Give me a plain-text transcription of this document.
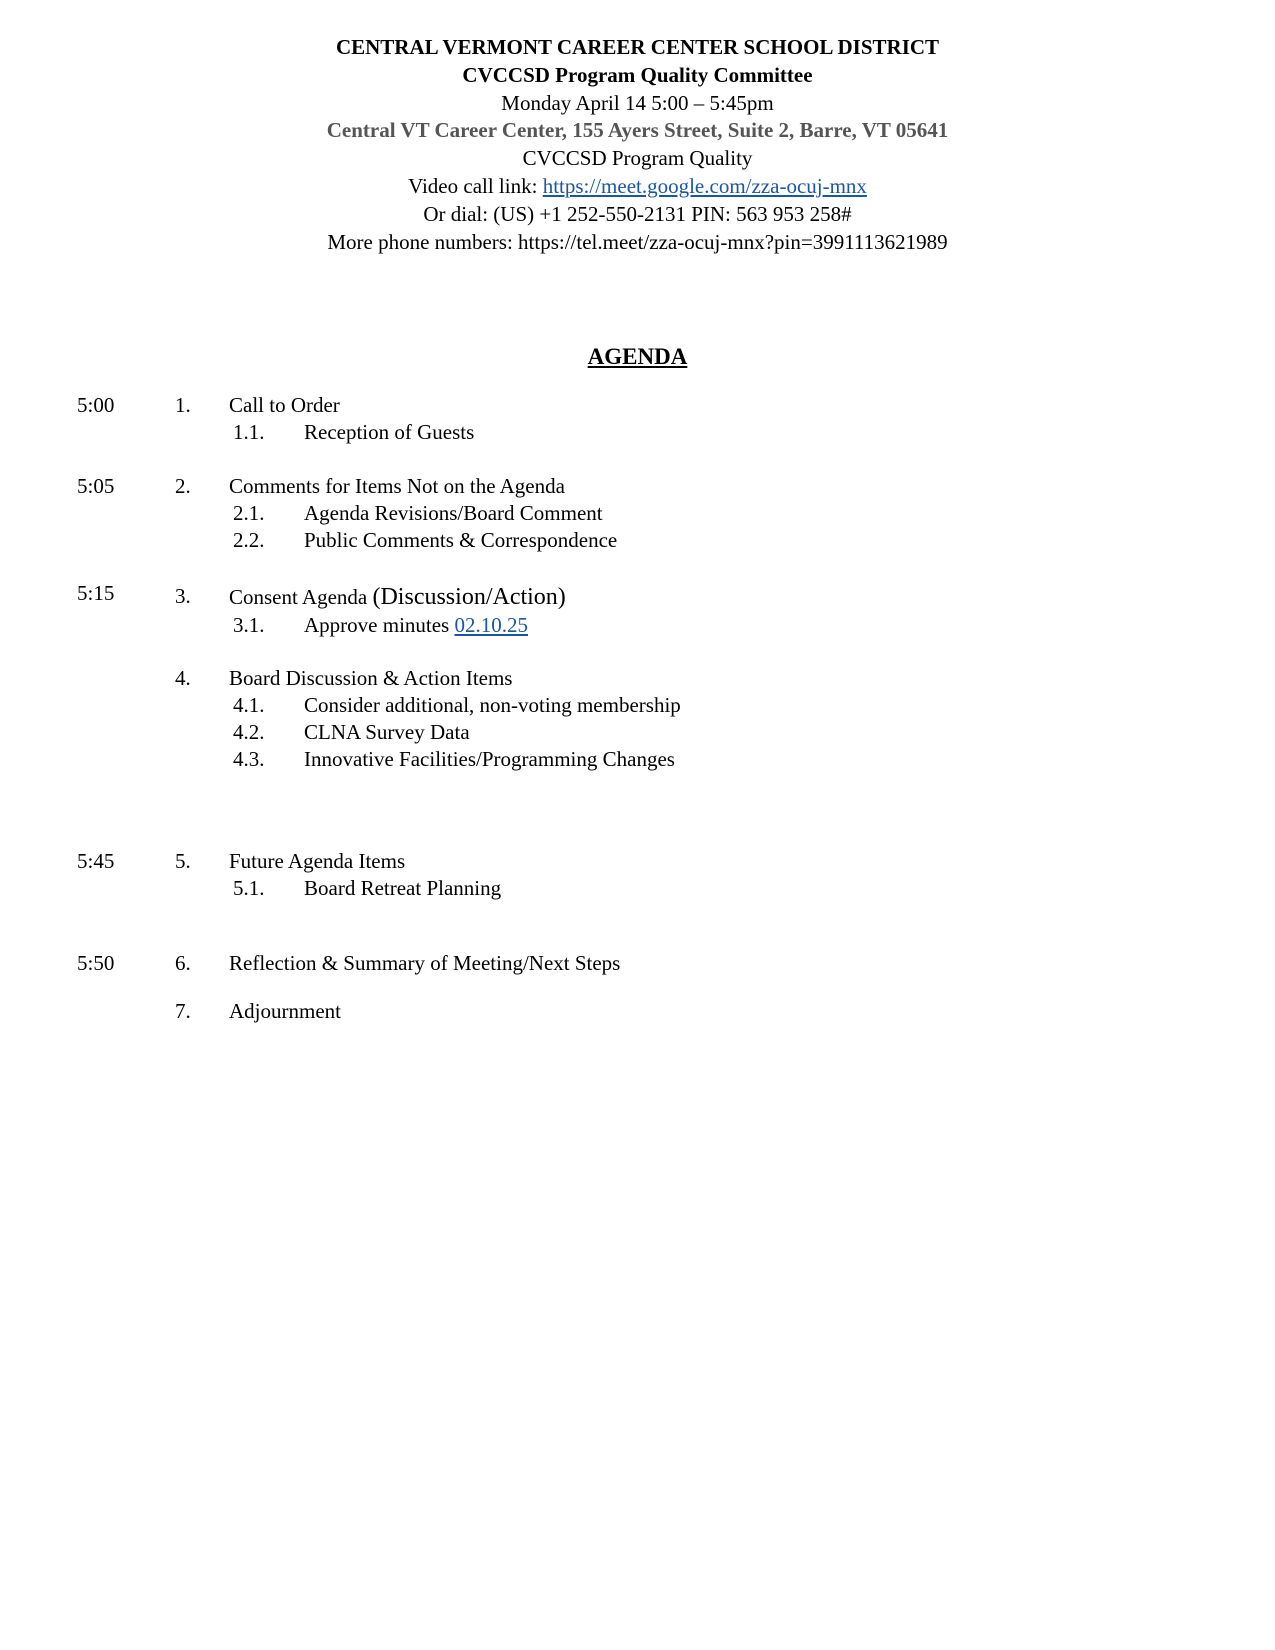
CENTRAL VERMONT CAREER CENTER SCHOOL DISTRICT
CVCCSD Program Quality Committee
Monday April 14 5:00 – 5:45pm
Central VT Career Center, 155 Ayers Street, Suite 2, Barre, VT 05641
CVCCSD Program Quality
Video call link: https://meet.google.com/zza-ocuj-mnx
Or dial: (US) +1 252-550-2131 PIN: 563 953 258#
More phone numbers: https://tel.meet/zza-ocuj-mnx?pin=3991113621989
AGENDA
5:00	1. Call to Order
1.1. Reception of Guests
5:05	2. Comments for Items Not on the Agenda
2.1. Agenda Revisions/Board Comment
2.2. Public Comments & Correspondence
5:15	3. Consent Agenda (Discussion/Action)
3.1. Approve minutes 02.10.25
4. Board Discussion & Action Items
4.1. Consider additional, non-voting membership
4.2. CLNA Survey Data
4.3. Innovative Facilities/Programming Changes
5:45	5. Future Agenda Items
5.1. Board Retreat Planning
5:50	6. Reflection & Summary of Meeting/Next Steps
7. Adjournment
